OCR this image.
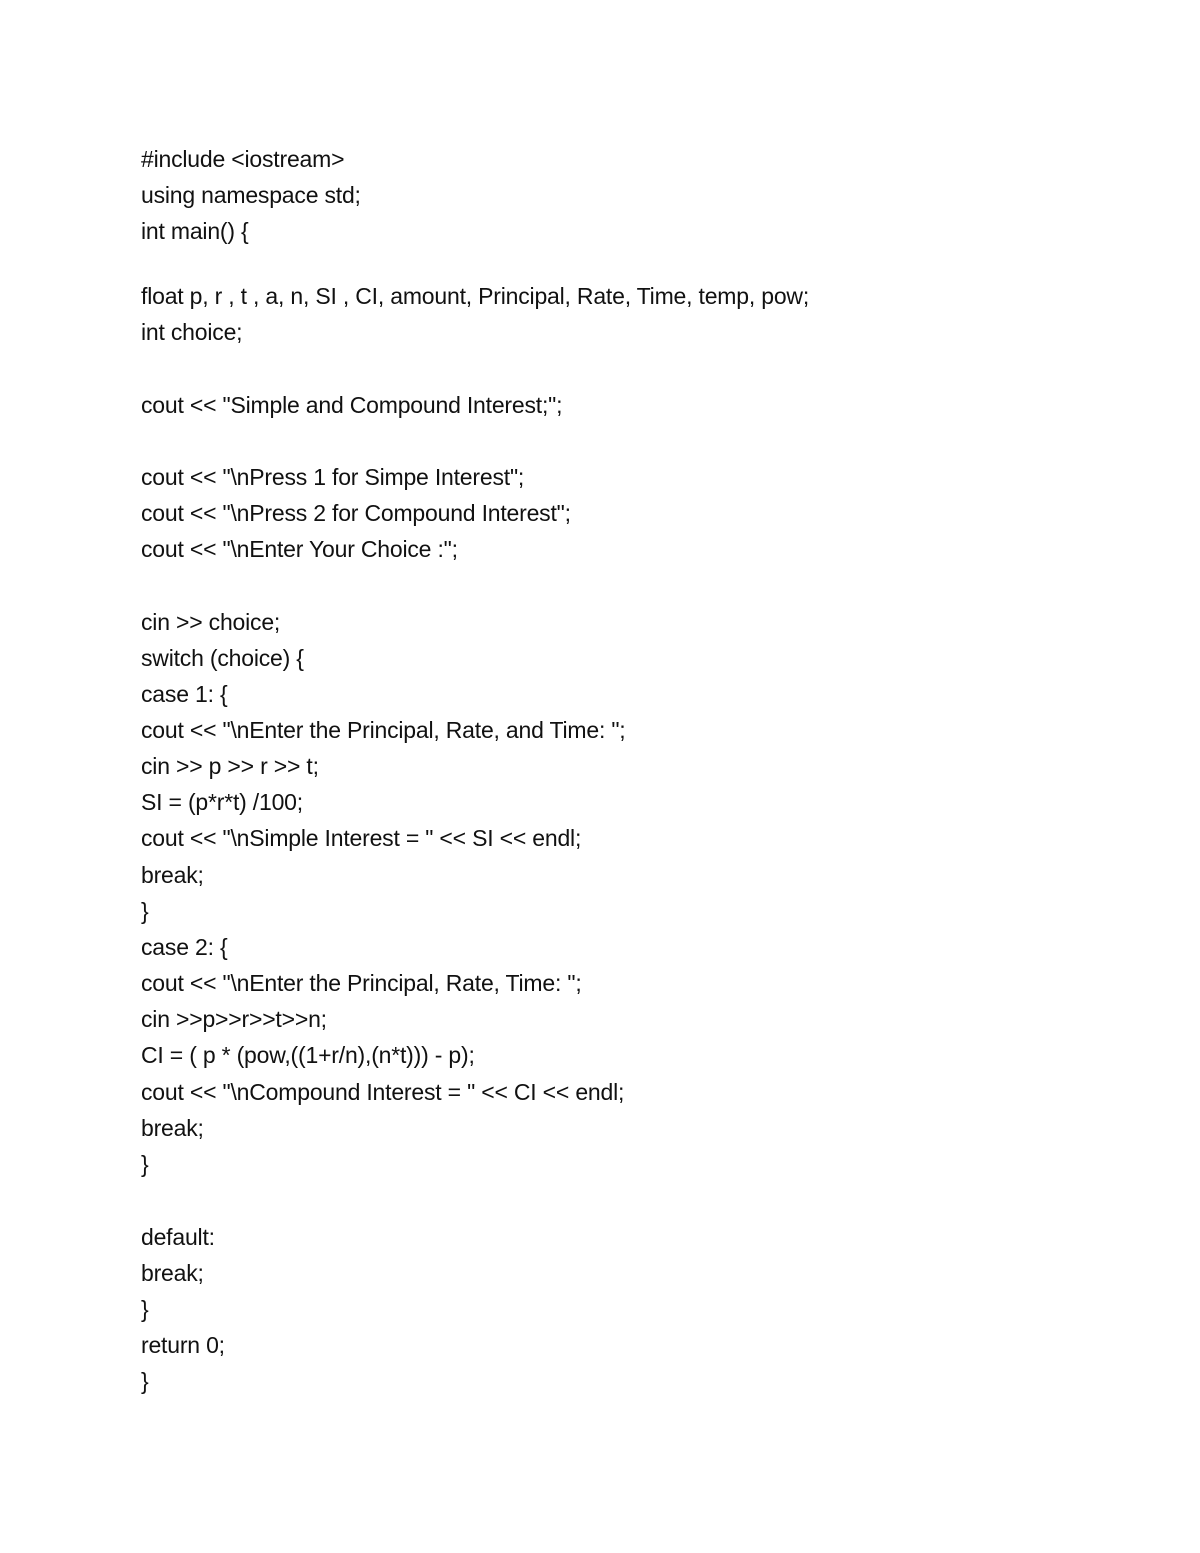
#include <iostream>
using namespace std;
int main() {
float p, r , t , a, n, SI , CI, amount, Principal, Rate, Time, temp, pow;
int choice;
cout << "Simple and Compound Interest;";
cout << "\nPress 1 for Simpe Interest";
cout << "\nPress 2 for Compound Interest";
cout << "\nEnter Your Choice :";
cin >> choice;
switch (choice) {
case 1: {
cout << "\nEnter the Principal, Rate, and Time: ";
cin >> p >> r >> t;
SI = (p*r*t) /100;
cout << "\nSimple Interest = " << SI << endl;
break;
}
case 2: {
cout << "\nEnter the Principal, Rate, Time: ";
cin >>p>>r>>t>>n;
CI = ( p * (pow,((1+r/n),(n*t))) - p);
cout << "\nCompound Interest = " << CI << endl;
break;
}
default:
break;
}
return 0;
}
